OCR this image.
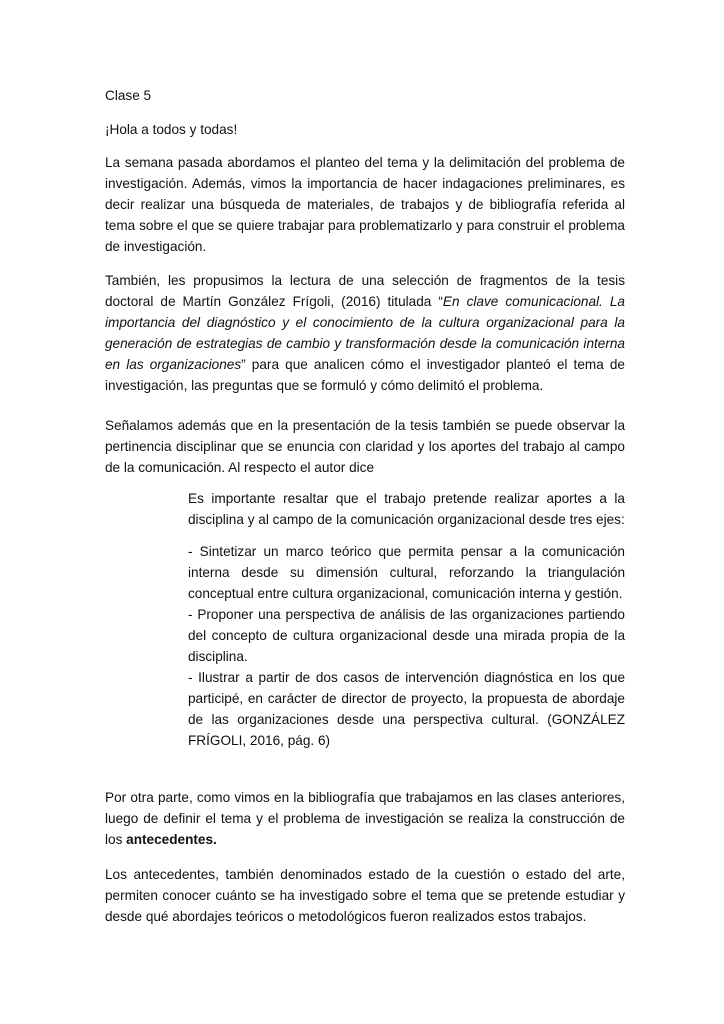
Clase 5

¡Hola a todos y todas!

La semana pasada abordamos el planteo del tema y la delimitación del problema de investigación. Además, vimos la importancia de hacer indagaciones preliminares, es decir realizar una búsqueda de materiales, de trabajos y de bibliografía referida al tema sobre el que se quiere trabajar para problematizarlo y para construir el problema de investigación.

También, les propusimos la lectura de una selección de fragmentos de la tesis doctoral de Martín González Frígoli, (2016) titulada “En clave comunicacional. La importancia del diagnóstico y el conocimiento de la cultura organizacional para la generación de estrategias de cambio y transformación desde la comunicación interna en las organizaciones” para que analicen cómo el investigador planteó el tema de investigación, las preguntas que se formuló y cómo delimitó el problema.

Señalamos además que en la presentación de la tesis también se puede observar la pertinencia disciplinar que se enuncia con claridad y los aportes del trabajo al campo de la comunicación. Al respecto el autor dice

Es importante resaltar que el trabajo pretende realizar aportes a la disciplina y al campo de la comunicación organizacional desde tres ejes:

- Sintetizar un marco teórico que permita pensar a la comunicación interna desde su dimensión cultural, reforzando la triangulación conceptual entre cultura organizacional, comunicación interna y gestión.

- Proponer una perspectiva de análisis de las organizaciones partiendo del concepto de cultura organizacional desde una mirada propia de la disciplina.

- Ilustrar a partir de dos casos de intervención diagnóstica en los que participé, en carácter de director de proyecto, la propuesta de abordaje de las organizaciones desde una perspectiva cultural. (GONZÁLEZ FRÍGOLI, 2016, pág. 6)

Por otra parte, como vimos en la bibliografía que trabajamos en las clases anteriores, luego de definir el tema y el problema de investigación se realiza la construcción de los antecedentes.

Los antecedentes, también denominados estado de la cuestión o estado del arte, permiten conocer cuánto se ha investigado sobre el tema que se pretende estudiar y desde qué abordajes teóricos o metodológicos fueron realizados estos trabajos.
